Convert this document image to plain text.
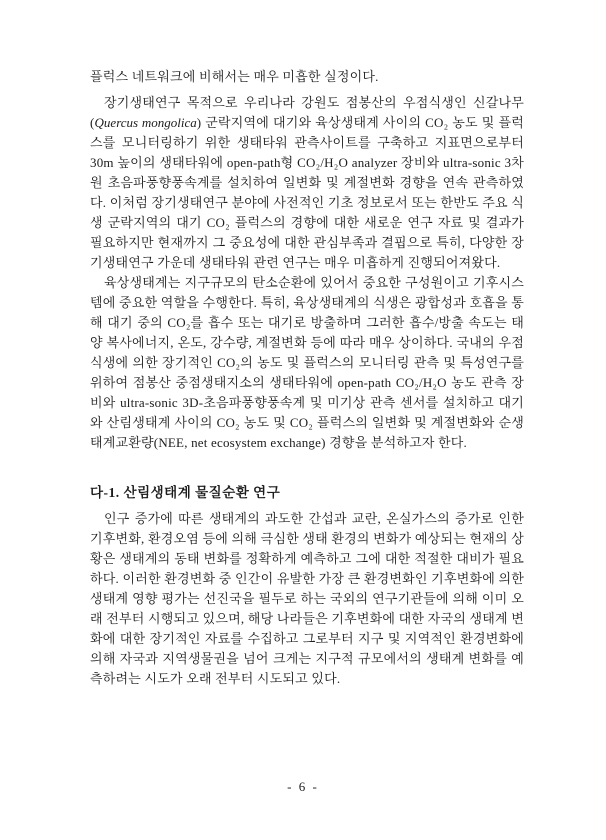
플럭스 네트워크에 비해서는 매우 미흡한 실정이다.

장기생태연구 목적으로 우리나라 강원도 점봉산의 우점식생인 신갈나무(Quercus mongolica) 군락지역에 대기와 육상생태계 사이의 CO₂ 농도 및 플럭스를 모니터링하기 위한 생태타워 관측사이트를 구축하고 지표면으로부터 30m 높이의 생태타워에 open-path형 CO₂/H₂O analyzer 장비와 ultra-sonic 3차원 초음파풍향풍속계를 설치하여 일변화 및 계절변화 경향을 연속 관측하였다. 이처럼 장기생태연구 분야에 사전적인 기초 정보로서 또는 한반도 주요 식생 군락지역의 대기 CO₂ 플럭스의 경향에 대한 새로운 연구 자료 및 결과가 필요하지만 현재까지 그 중요성에 대한 관심부족과 결핍으로 특히, 다양한 장기생태연구 가운데 생태타워 관련 연구는 매우 미흡하게 진행되어져왔다.

육상생태계는 지구규모의 탄소순환에 있어서 중요한 구성원이고 기후시스템에 중요한 역할을 수행한다. 특히, 육상생태계의 식생은 광합성과 호흡을 통해 대기 중의 CO₂를 흡수 또는 대기로 방출하며 그러한 흡수/방출 속도는 태양 복사에너지, 온도, 강수량, 계절변화 등에 따라 매우 상이하다. 국내의 우점식생에 의한 장기적인 CO₂의 농도 및 플럭스의 모니터링 관측 및 특성연구를 위하여 점봉산 중점생태지소의 생태타워에 open-path CO₂/H₂O 농도 관측 장비와 ultra-sonic 3D-초음파풍향풍속계 및 미기상 관측 센서를 설치하고 대기와 산림생태계 사이의 CO₂ 농도 및 CO₂ 플럭스의 일변화 및 계절변화와 순생태계교환량(NEE, net ecosystem exchange) 경향을 분석하고자 한다.

다-1. 산림생태계 물질순환 연구

인구 증가에 따른 생태계의 과도한 간섭과 교란, 온실가스의 증가로 인한 기후변화, 환경오염 등에 의해 극심한 생태 환경의 변화가 예상되는 현재의 상황은 생태계의 동태 변화를 정확하게 예측하고 그에 대한 적절한 대비가 필요하다. 이러한 환경변화 중 인간이 유발한 가장 큰 환경변화인 기후변화에 의한 생태계 영향 평가는 선진국을 필두로 하는 국외의 연구기관들에 의해 이미 오래 전부터 시행되고 있으며, 해당 나라들은 기후변화에 대한 자국의 생태계 변화에 대한 장기적인 자료를 수집하고 그로부터 지구 및 지역적인 환경변화에 의해 자국과 지역생물권을 넘어 크게는 지구적 규모에서의 생태계 변화를 예측하려는 시도가 오래 전부터 시도되고 있다.

- 6 -
